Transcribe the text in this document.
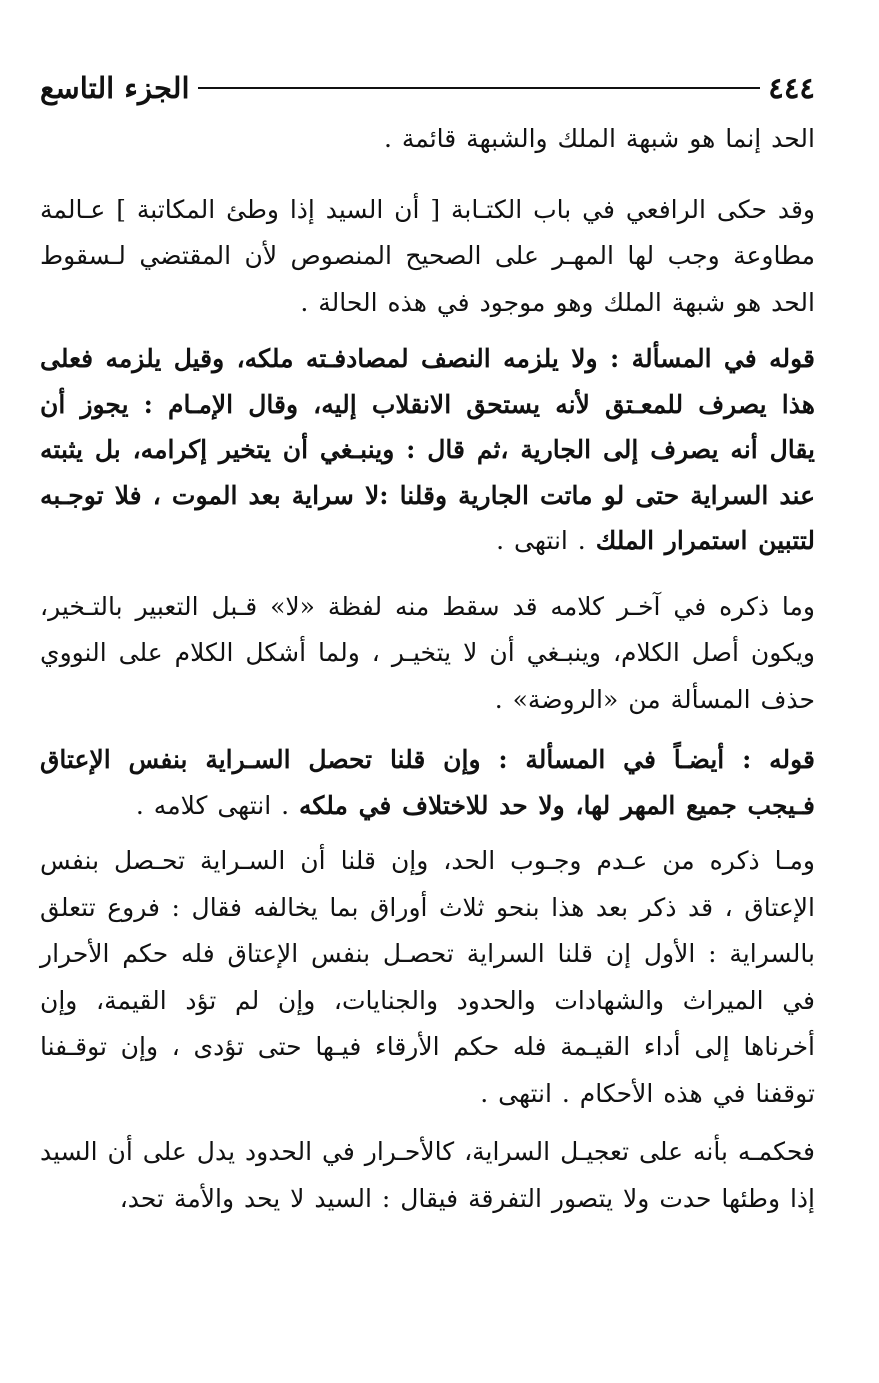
٤٤٤
الجزء التاسع

الحد إنما هو شبهة الملك والشبهة قائمة .

وقد حكى الرافعي في باب الكتـابة [ أن السيد إذا وطئ المكاتبة ] عـالمة مطاوعة وجب لها المهـر على الصحيح المنصوص لأن المقتضي لـسقوط الحد هو شبهة الملك وهو موجود في هذه الحالة .

قوله في المسألة : ولا يلزمه النصف لمصادفـته ملكه، وقيل يلزمه فعلى هذا يصرف للمعـتق لأنه يستحق الانقلاب إليه، وقال الإمـام : يجوز أن يقال أنه يصرف إلى الجارية ،ثم قال : وينبـغي أن يتخير إكرامه، بل يثبته عند السراية حتى لو ماتت الجارية وقلنا :لا سراية بعد الموت ، فلا توجـبه لتتبين استمرار الملك . انتهى .

وما ذكره في آخـر كلامه قد سقط منه لفظة «لا» قـبل التعبير بالتـخير، ويكون أصل الكلام، وينبـغي أن لا يتخيـر ، ولما أشكل الكلام على النووي حذف المسألة من «الروضة» .

قوله : أيضـاً في المسألة : وإن قلنا تحصل السـراية بنفس الإعتاق فـيجب جميع المهر لها، ولا حد للاختلاف في ملكه . انتهى كلامه .

ومـا ذكره من عـدم وجـوب الحد، وإن قلنا أن السـراية تحـصل بنفس الإعتاق ، قد ذكر بعد هذا بنحو ثلاث أوراق بما يخالفه فقال : فروع تتعلق بالسراية : الأول إن قلنا السراية تحصـل بنفس الإعتاق فله حكم الأحرار في الميراث والشهادات والحدود والجنايات، وإن لم تؤد القيمة، وإن أخرناها إلى أداء القيـمة فله حكم الأرقاء فيـها حتى تؤدى ، وإن توقـفنا توقفنا في هذه الأحكام . انتهى .

فحكمـه بأنه على تعجيـل السراية، كالأحـرار في الحدود يدل على أن السيد إذا وطئها حدت ولا يتصور التفرقة فيقال : السيد لا يحد والأمة تحد،
